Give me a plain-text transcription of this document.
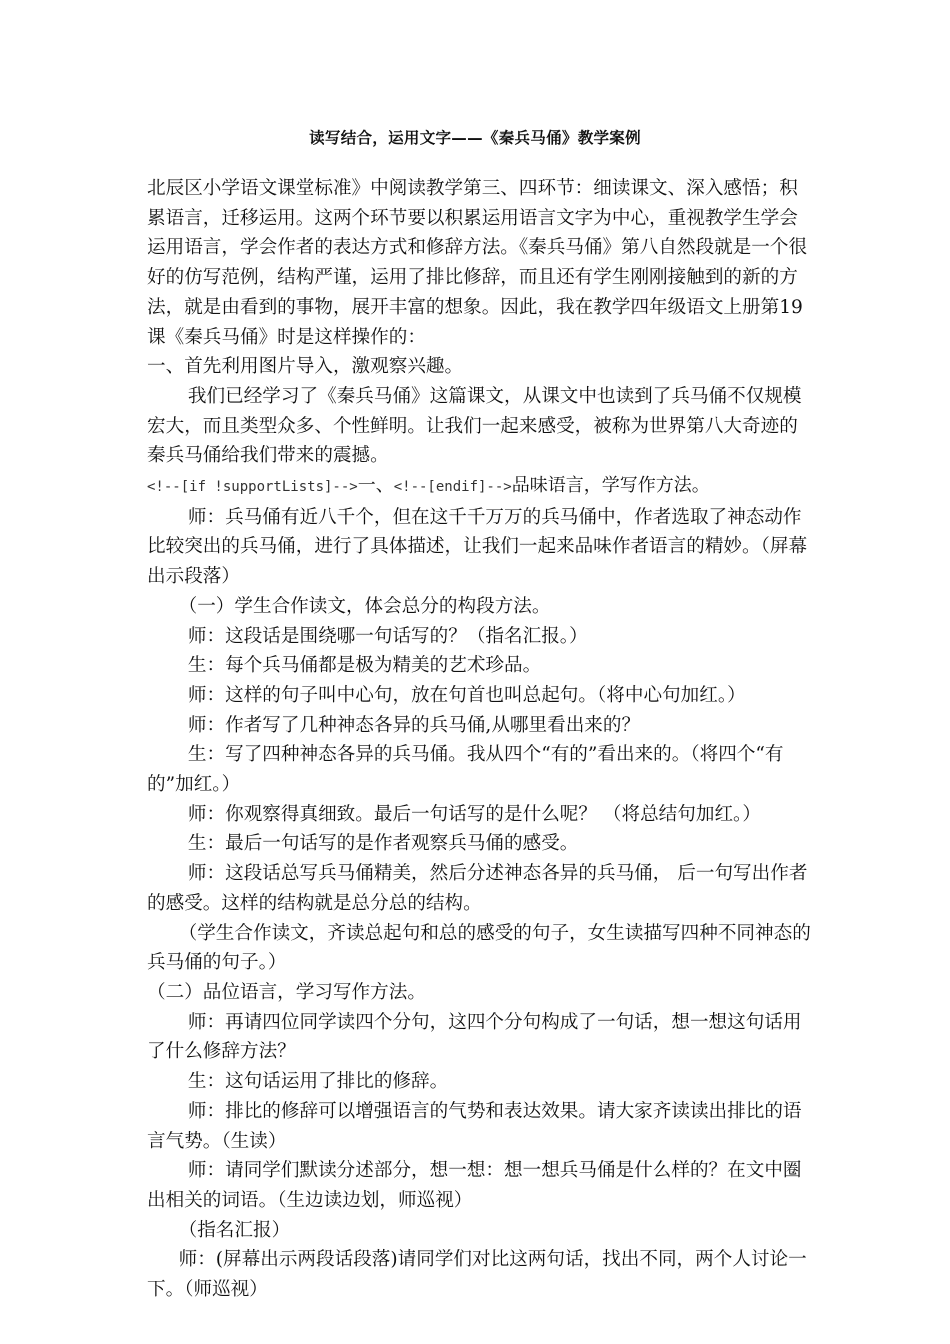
读写结合，运用文字——《秦兵马俑》教学案例

北辰区小学语文课堂标准》中阅读教学第三、四环节：细读课文、深入感悟；积累语言，迁移运用。这两个环节要以积累运用语言文字为中心，重视教学生学会运用语言，学会作者的表达方式和修辞方法。《秦兵马俑》第八自然段就是一个很好的仿写范例，结构严谨，运用了排比修辞，而且还有学生刚刚接触到的新的方法，就是由看到的事物，展开丰富的想象。因此，我在教学四年级语文上册第19课《秦兵马俑》时是这样操作的：

一、首先利用图片导入，激观察兴趣。

我们已经学习了《秦兵马俑》这篇课文，从课文中也读到了兵马俑不仅规模宏大，而且类型众多、个性鲜明。让我们一起来感受，被称为世界第八大奇迹的秦兵马俑给我们带来的震撼。

<!--[if !supportLists]-->一、<!--[endif]-->品味语言，学写作方法。

师：兵马俑有近八千个，但在这千千万万的兵马俑中，作者选取了神态动作比较突出的兵马俑，进行了具体描述，让我们一起来品味作者语言的精妙。（屏幕出示段落）

（一）学生合作读文，体会总分的构段方法。

师：这段话是围绕哪一句话写的？（指名汇报。）

生：每个兵马俑都是极为精美的艺术珍品。

师：这样的句子叫中心句，放在句首也叫总起句。（将中心句加红。）

师：作者写了几种神态各异的兵马俑,从哪里看出来的？

生：写了四种神态各异的兵马俑。我从四个“有的”看出来的。（将四个“有的”加红。）

师：你观察得真细致。最后一句话写的是什么呢？ （将总结句加红。）

生：最后一句话写的是作者观察兵马俑的感受。

师：这段话总写兵马俑精美，然后分述神态各异的兵马俑， 后一句写出作者的感受。这样的结构就是总分总的结构。

（学生合作读文，齐读总起句和总的感受的句子，女生读描写四种不同神态的兵马俑的句子。）

（二）品位语言，学习写作方法。

师：再请四位同学读四个分句，这四个分句构成了一句话，想一想这句话用了什么修辞方法？

生：这句话运用了排比的修辞。

师：排比的修辞可以增强语言的气势和表达效果。请大家齐读读出排比的语言气势。（生读）

师：请同学们默读分述部分，想一想：想一想兵马俑是什么样的？在文中圈出相关的词语。（生边读边划，师巡视）

（指名汇报）

师：(屏幕出示两段话段落)请同学们对比这两句话，找出不同，两个人讨论一下。（师巡视）
